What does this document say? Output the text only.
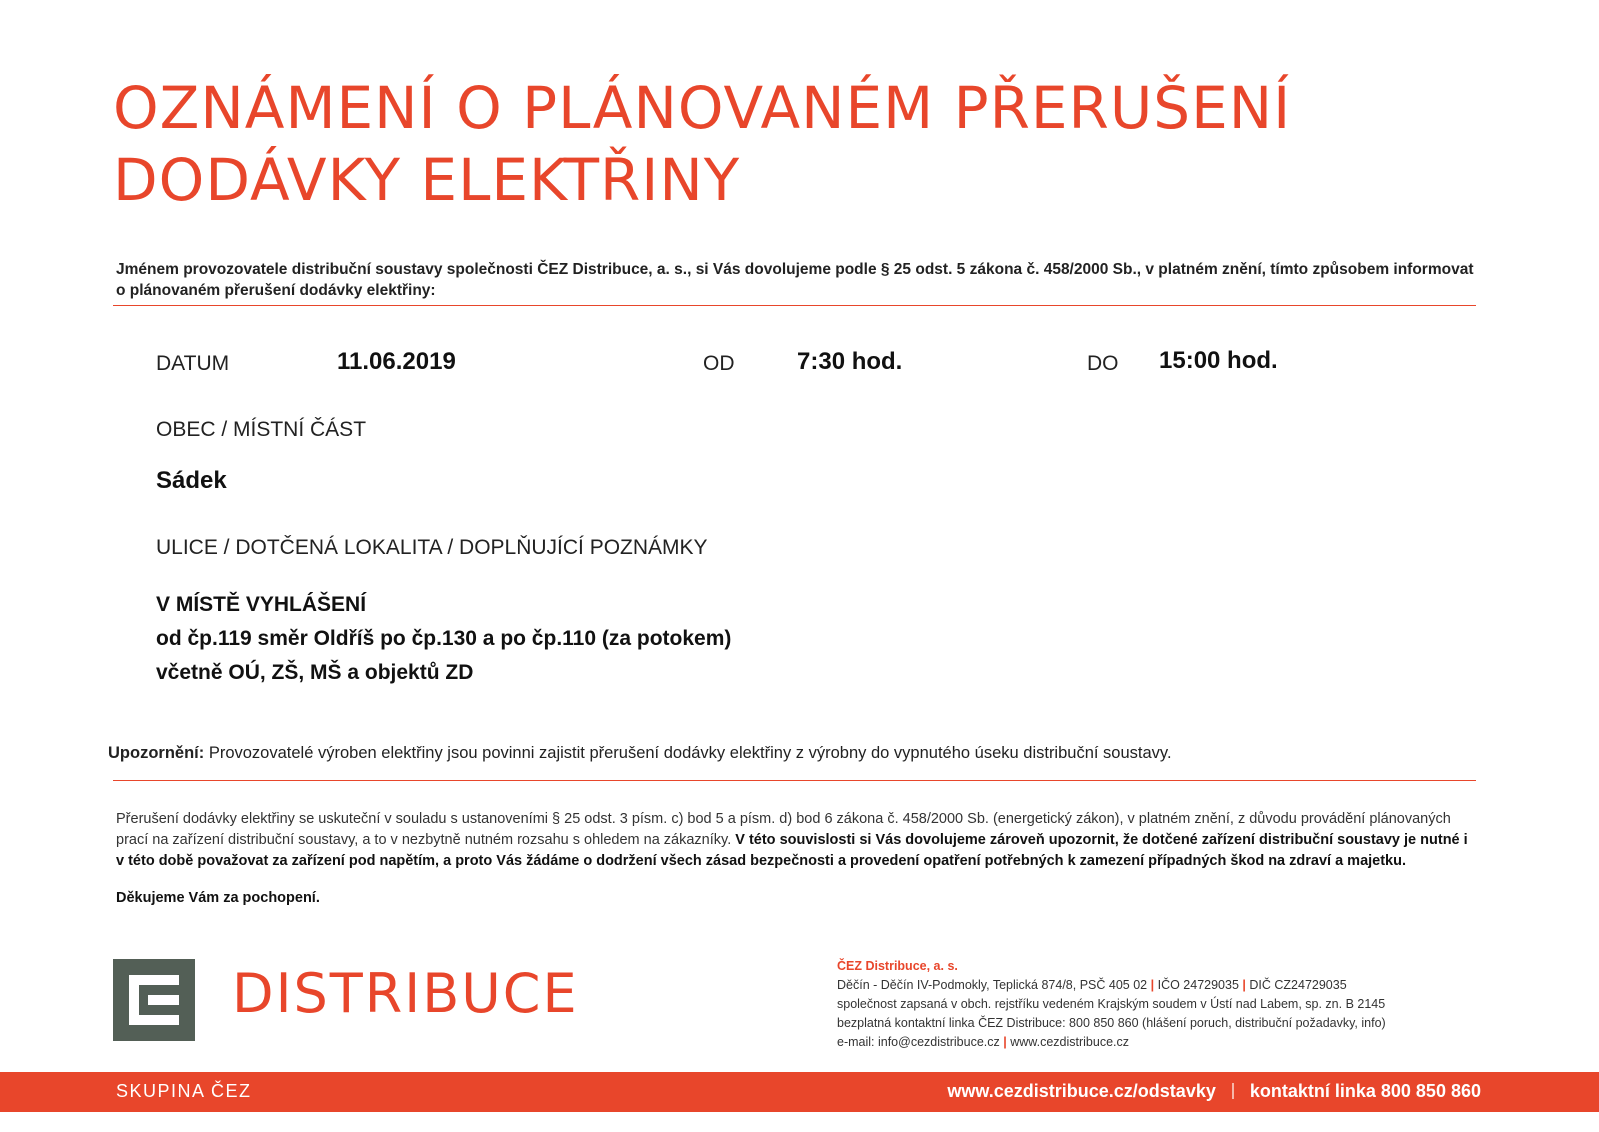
OZNÁMENÍ O PLÁNOVANÉM PŘERUŠENÍ
DODÁVKY ELEKTŘINY
Jménem provozovatele distribuční soustavy společnosti ČEZ Distribuce, a. s., si Vás dovolujeme podle § 25 odst. 5 zákona č. 458/2000 Sb., v platném znění, tímto způsobem informovat o plánovaném přerušení dodávky elektřiny:
DATUM	11.06.2019	OD	7:30 hod.	DO 15:00 hod.
OBEC / MÍSTNÍ ČÁST
Sádek
ULICE / DOTČENÁ LOKALITA / DOPLŇUJÍCÍ POZNÁMKY
V MÍSTĚ VYHLÁŠENÍ
od čp.119 směr Oldříš po čp.130 a po čp.110 (za potokem)
včetně OÚ, ZŠ, MŠ a objektů ZD
Upozornění: Provozovatelé výroben elektřiny jsou povinni zajistit přerušení dodávky elektřiny z výrobny do vypnutého úseku distribuční soustavy.
Přerušení dodávky elektřiny se uskuteční v souladu s ustanoveními § 25 odst. 3 písm. c) bod 5 a písm. d) bod 6 zákona č. 458/2000 Sb. (energetický zákon), v platném znění, z důvodu provádění plánovaných prací na zařízení distribuční soustavy, a to v nezbytně nutném rozsahu s ohledem na zákazníky. V této souvislosti si Vás dovolujeme zároveň upozornit, že dotčené zařízení distribuční soustavy je nutné i v této době považovat za zařízení pod napětím, a proto Vás žádáme o dodržení všech zásad bezpečnosti a provedení opatření potřebných k zamezení případných škod na zdraví a majetku.
Děkujeme Vám za pochopení.
DISTRIBUCE	ČEZ Distribuce, a. s.
Děčín - Děčín IV-Podmokly, Teplická 874/8, PSČ 405 02 | IČO 24729035 | DIČ CZ24729035
společnost zapsaná v obch. rejstříku vedeném Krajským soudem v Ústí nad Labem, sp. zn. B 2145
bezplatná kontaktní linka ČEZ Distribuce: 800 850 860 (hlášení poruch, distribuční požadavky, info)
e-mail: info@cezdistribuce.cz | www.cezdistribuce.cz
SKUPINA ČEZ	www.cezdistribuce.cz/odstavky kontaktní linka 800 850 860
